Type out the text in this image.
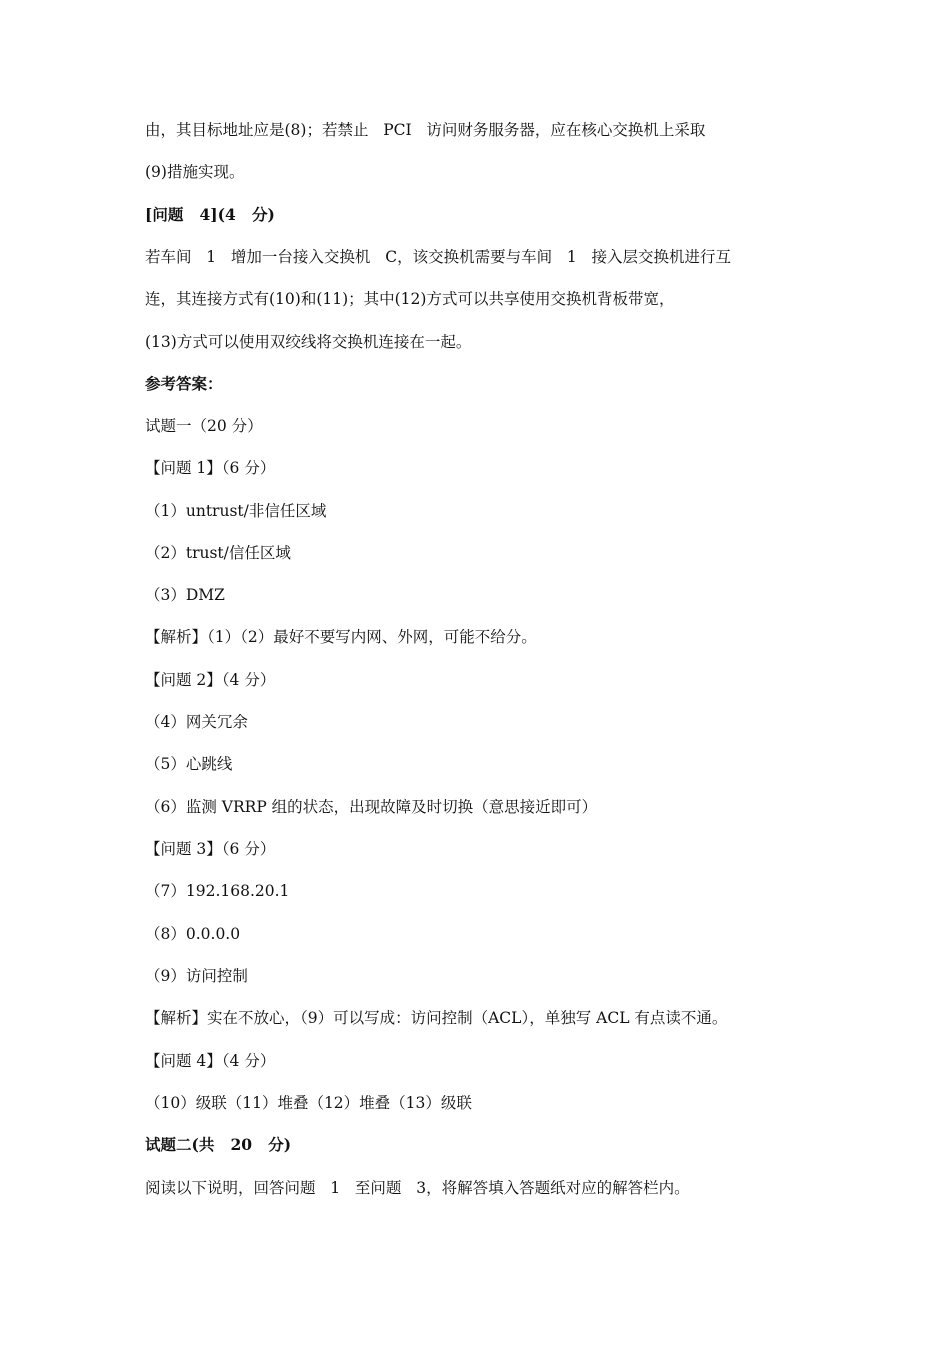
由，其目标地址应是(8)；若禁止   PCI   访问财务服务器，应在核心交换机上采取
(9)措施实现。
[问题   4](4   分)
若车间   1   增加一台接入交换机   C，该交换机需要与车间   1   接入层交换机进行互
连，其连接方式有(10)和(11)；其中(12)方式可以共享使用交换机背板带宽，
(13)方式可以使用双绞线将交换机连接在一起。
参考答案：
试题一（20 分）
【问题 1】（6 分）
（1）untrust/非信任区域
（2）trust/信任区域
（3）DMZ
【解析】（1）（2）最好不要写内网、外网，可能不给分。
【问题 2】（4 分）
（4）网关冗余
（5）心跳线
（6）监测 VRRP 组的状态，出现故障及时切换（意思接近即可）
【问题 3】（6 分）
（7）192.168.20.1
（8）0.0.0.0
（9）访问控制
【解析】实在不放心，（9）可以写成：访问控制（ACL），单独写 ACL 有点读不通。
【问题 4】（4 分）
（10）级联（11）堆叠（12）堆叠（13）级联
试题二(共   20   分)
阅读以下说明，回答问题   1   至问题   3，将解答填入答题纸对应的解答栏内。
